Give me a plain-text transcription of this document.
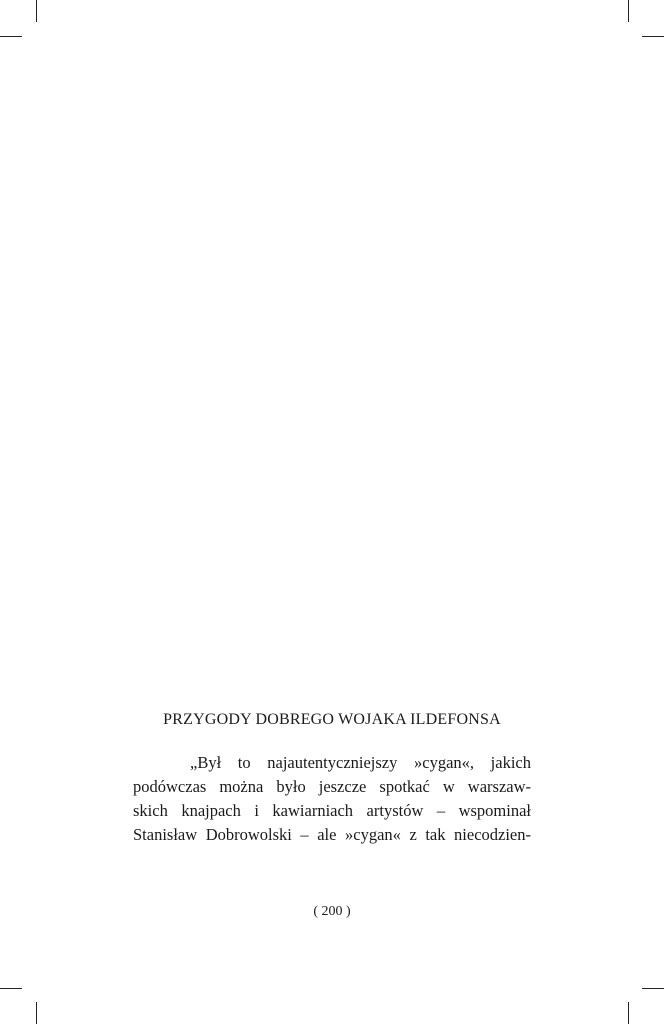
PRZYGODY DOBREGO WOJAKA ILDEFONSA
„Był to najautentyczniejszy »cygan«, jakich
podówczas można było jeszcze spotkać w warszaw-
skich knajpach i kawiarniach artystów – wspominał
Stanisław Dobrowolski – ale »cygan« z tak niecodzien-
( 200 )
